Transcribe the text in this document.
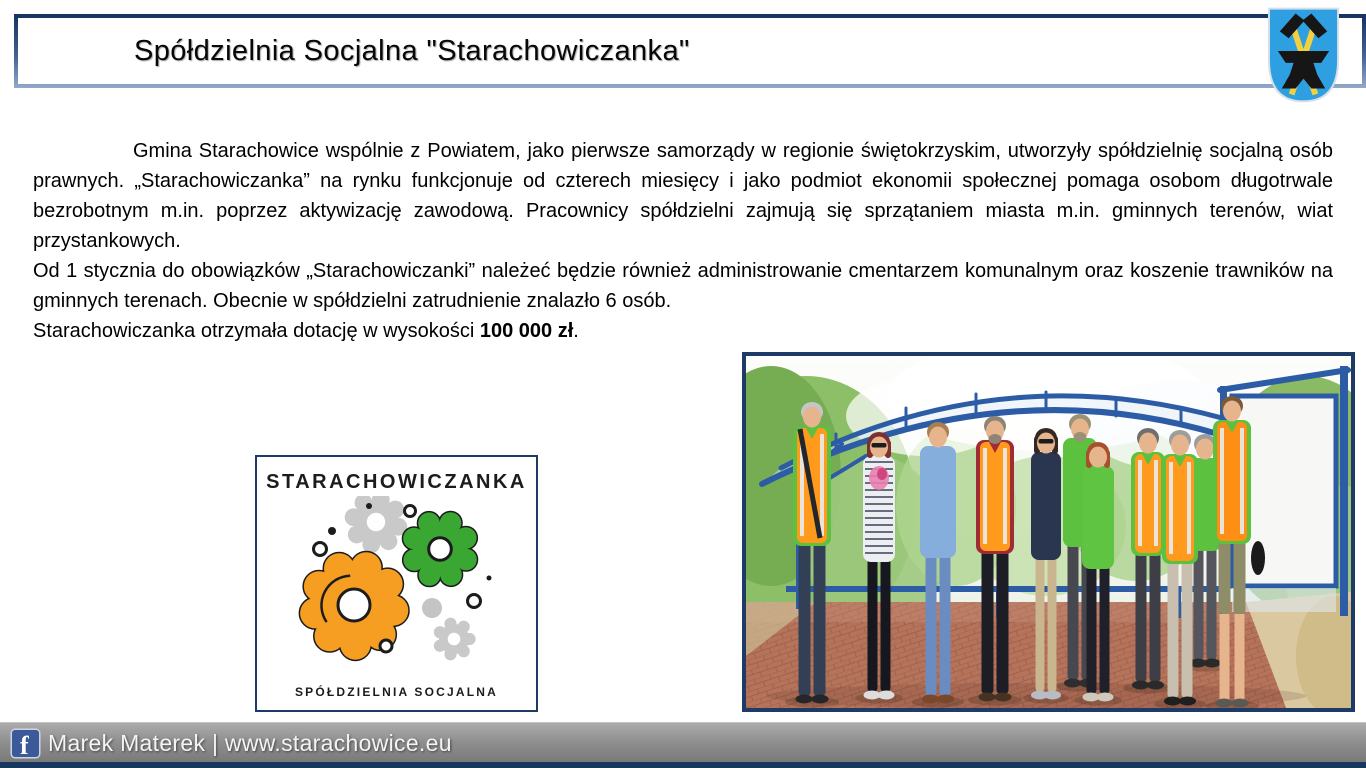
Spółdzielnia Socjalna "Starachowiczanka"

Gmina Starachowice wspólnie z Powiatem, jako pierwsze samorządy w regionie świętokrzyskim, utworzyły spółdzielnię socjalną osób prawnych. „Starachowiczanka” na rynku funkcjonuje od czterech miesięcy i jako podmiot ekonomii społecznej pomaga osobom długotrwale bezrobotnym m.in. poprzez aktywizację zawodową. Pracownicy spółdzielni zajmują się sprzątaniem miasta m.in. gminnych terenów, wiat przystankowych.

Od 1 stycznia do obowiązków „Starachowiczanki” należeć będzie również administrowanie cmentarzem komunalnym oraz koszenie trawników na gminnych terenach. Obecnie w spółdzielni zatrudnienie znalazło 6 osób.

Starachowiczanka otrzymała dotację w wysokości 100 000 zł.

STARACHOWICZANKA
SPÓŁDZIELNIA SOCJALNA
f Marek Materek | www.starachowice.eu
